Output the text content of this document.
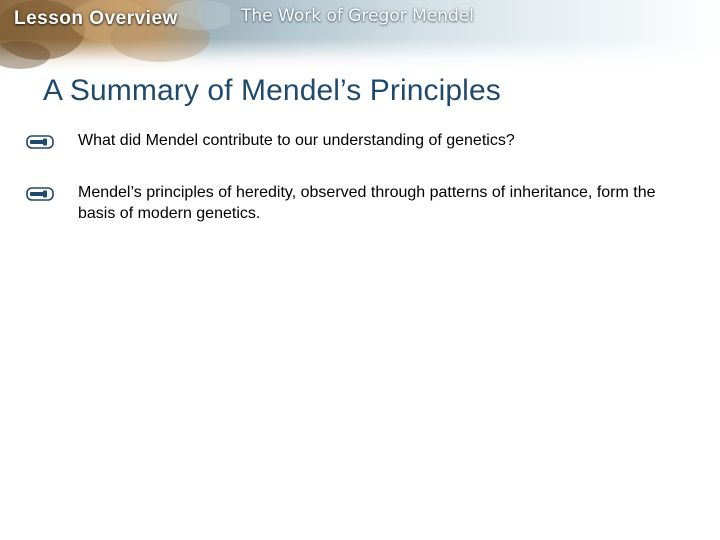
Lesson Overview	The Work of Gregor Mendel
A Summary of Mendel’s Principles

What did Mendel contribute to our understanding of genetics?

Mendel’s principles of heredity, observed through patterns of inheritance, form the basis of modern genetics.
